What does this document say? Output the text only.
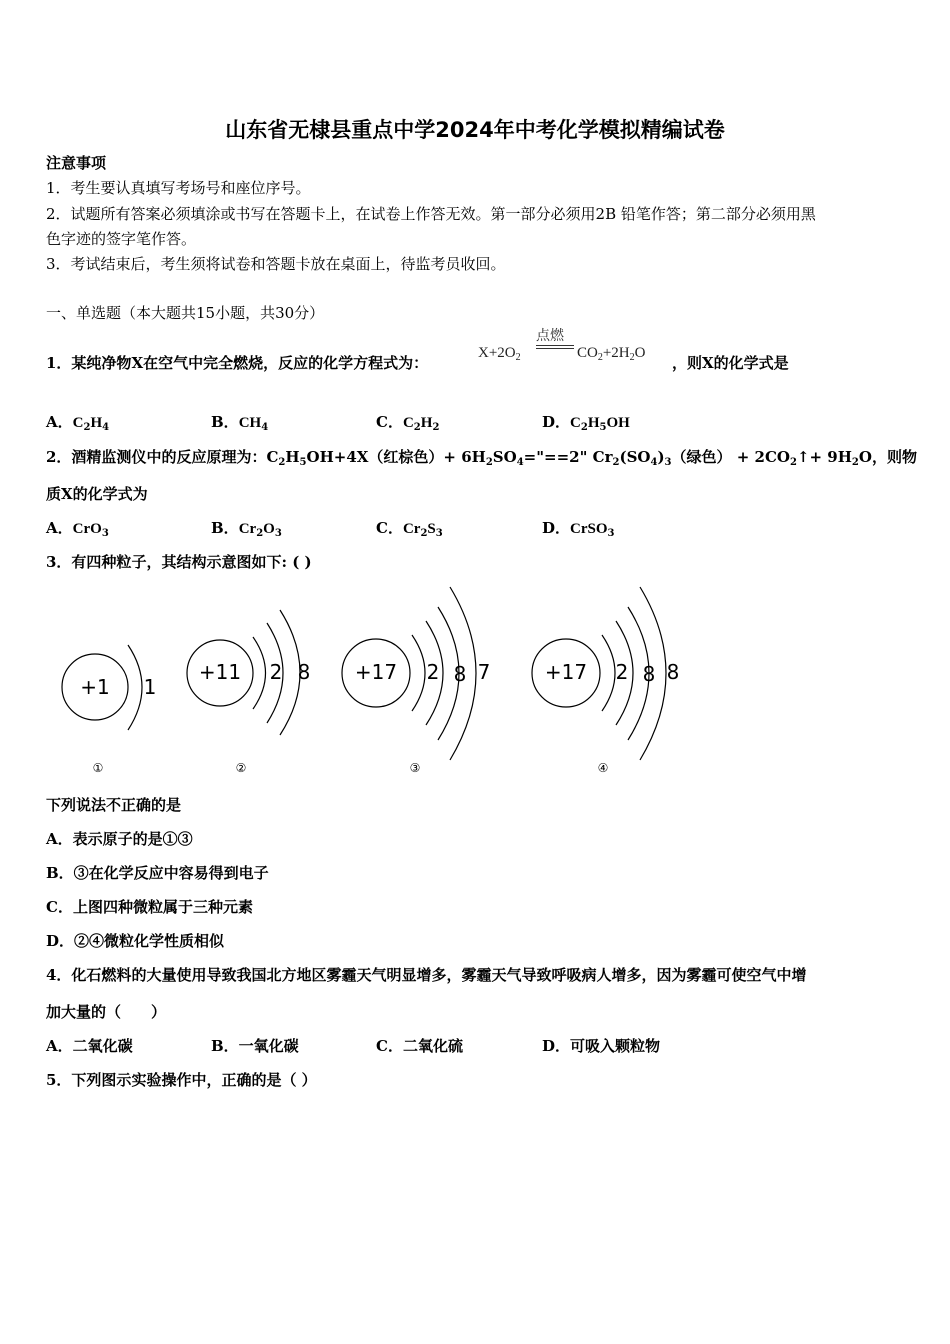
山东省无棣县重点中学2024年中考化学模拟精编试卷
注意事项
1．考生要认真填写考场号和座位序号。
2．试题所有答案必须填涂或书写在答题卡上，在试卷上作答无效。第一部分必须用2B 铅笔作答；第二部分必须用黑
色字迹的签字笔作答。
3．考试结束后，考生须将试卷和答题卡放在桌面上，待监考员收回。
一、单选题（本大题共15小题，共30分）
1．某纯净物X在空气中完全燃烧，反应的化学方程式为：
$X+2O_2$
点燃
$CO_2+2H_2O$
，则X的化学式是
A．$C_2H_4$	B．$CH_4$	C．$C_2H_2$	D．$C_2H_5OH$
2．酒精监测仪中的反应原理为：$C_2H_5OH+4X$（红棕色）+ $6H_2SO_4="==2$" $Cr_2(SO_4)_3$（绿色） + $2CO_2↑+ 9H_2O$，则物
质X的化学式为
A．CrO$_3$	B．$Cr_2O_3$	C．$Cr_2S_3$	D．CrSO$_3$
3．有四种粒子，其结构示意图如下: ( )
+1 1
+11 2 8 +17 2 8 7	+17 2 8 8
①	②	③	④
下列说法不正确的是
A．表示原子的是①③
B．③在化学反应中容易得到电子
C．上图四种微粒属于三种元素
D．②④微粒化学性质相似
4．化石燃料的大量使用导致我国北方地区雾霾天气明显增多，雾霾天气导致呼吸病人增多，因为雾霾可使空气中增
加大量的（　　）
A．二氧化碳	B．一氧化碳	C．二氧化硫	D．可吸入颗粒物
5．下列图示实验操作中，正确的是（ ）
